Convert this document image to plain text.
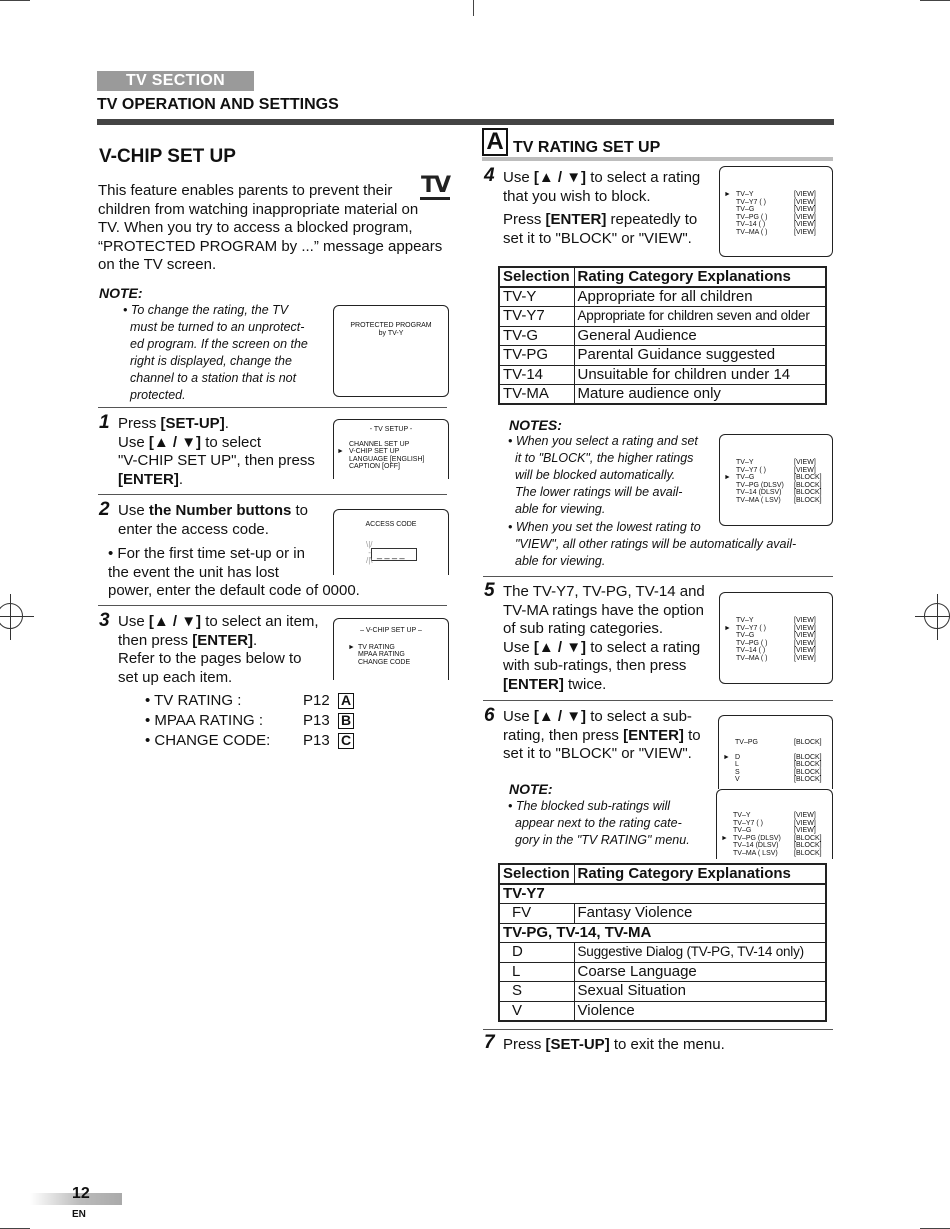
TV SECTION
TV OPERATION AND SETTINGS
V-CHIP SET UP
TV
This feature enables parents to prevent their
children from watching inappropriate material on
TV. When you try to access a blocked program,
“PROTECTED PROGRAM by ...” message appears
on the TV screen.
NOTE:
• To change the rating, the TV
must be turned to an unprotect-
ed program. If the screen on the
right is displayed, change the
channel to a station that is not
protected.
PROTECTED PROGRAM
by TV-Y
1 Press [SET-UP].
Use [▲ / ▼] to select
"V-CHIP SET UP", then press
[ENTER].
- TV SETUP -
CHANNEL SET UP
► V-CHIP SET UP
LANGUAGE [ENGLISH]
CAPTION [OFF]
2 Use the Number buttons to
enter the access code.
• For the first time set-up or in
the event the unit has lost
power, enter the default code of 0000.
ACCESS CODE
_ _ _ _
\|/
-
/|\
3 Use [▲ / ▼] to select an item,
then press [ENTER].
Refer to the pages below to
set up each item.
– V-CHIP SET UP –
► TV RATING
MPAA RATING
CHANGE CODE
• TV RATING :	P12 A
• MPAA RATING :	P13 B
• CHANGE CODE:	P13 C
A TV RATING SET UP
4 Use [▲ / ▼] to select a rating
that you wish to block.
Press [ENTER] repeatedly to
set it to "BLOCK" or "VIEW".
► TV–Y	[VIEW]
TV–Y7 ( )	[VIEW]
TV–G	[VIEW]
TV–PG ( )	[VIEW]
TV–14 ( )	[VIEW]
TV–MA ( )	[VIEW]
Selection	Rating Category Explanations
TV-Y	Appropriate for all children
TV-Y7	Appropriate for children seven and older
TV-G	General Audience
TV-PG	Parental Guidance suggested
TV-14	Unsuitable for children under 14
TV-MA	Mature audience only
NOTES:
• When you select a rating and set
it to "BLOCK", the higher ratings
will be blocked automatically.
The lower ratings will be avail-
able for viewing.
• When you set the lowest rating to
"VIEW", all other ratings will be automatically avail-
able for viewing.
TV–Y	[VIEW]
TV–Y7 ( )	[VIEW]
► TV–G	[BLOCK]
TV–PG (DLSV)	[BLOCK]
TV–14 (DLSV)	[BLOCK]
TV–MA ( LSV)	[BLOCK]
5 The TV-Y7, TV-PG, TV-14 and
TV-MA ratings have the option
of sub rating categories.
Use [▲ / ▼] to select a rating
with sub-ratings, then press
[ENTER] twice.
TV–Y	[VIEW]
► TV–Y7 ( )	[VIEW]
TV–G	[VIEW]
TV–PG ( )	[VIEW]
TV–14 ( )	[VIEW]
TV–MA ( )	[VIEW]
6 Use [▲ / ▼] to select a sub-
rating, then press [ENTER] to
set it to "BLOCK" or "VIEW".
TV–PG	[BLOCK]
► D	[BLOCK]
L	[BLOCK]
S	[BLOCK]
V	[BLOCK]
NOTE:
• The blocked sub-ratings will
appear next to the rating cate-
gory in the "TV RATING" menu.
TV–Y	[VIEW]
TV–Y7 ( )	[VIEW]
TV–G	[VIEW]
► TV–PG (DLSV)	[BLOCK]
TV–14 (DLSV)	[BLOCK]
TV–MA ( LSV)	[BLOCK]
Selection	Rating Category Explanations
TV-Y7	
FV	Fantasy Violence
TV-PG, TV-14, TV-MA	
D	Suggestive Dialog (TV-PG, TV-14 only)
L	Coarse Language
S	Sexual Situation
V	Violence
7 Press [SET-UP] to exit the menu.
12
EN
